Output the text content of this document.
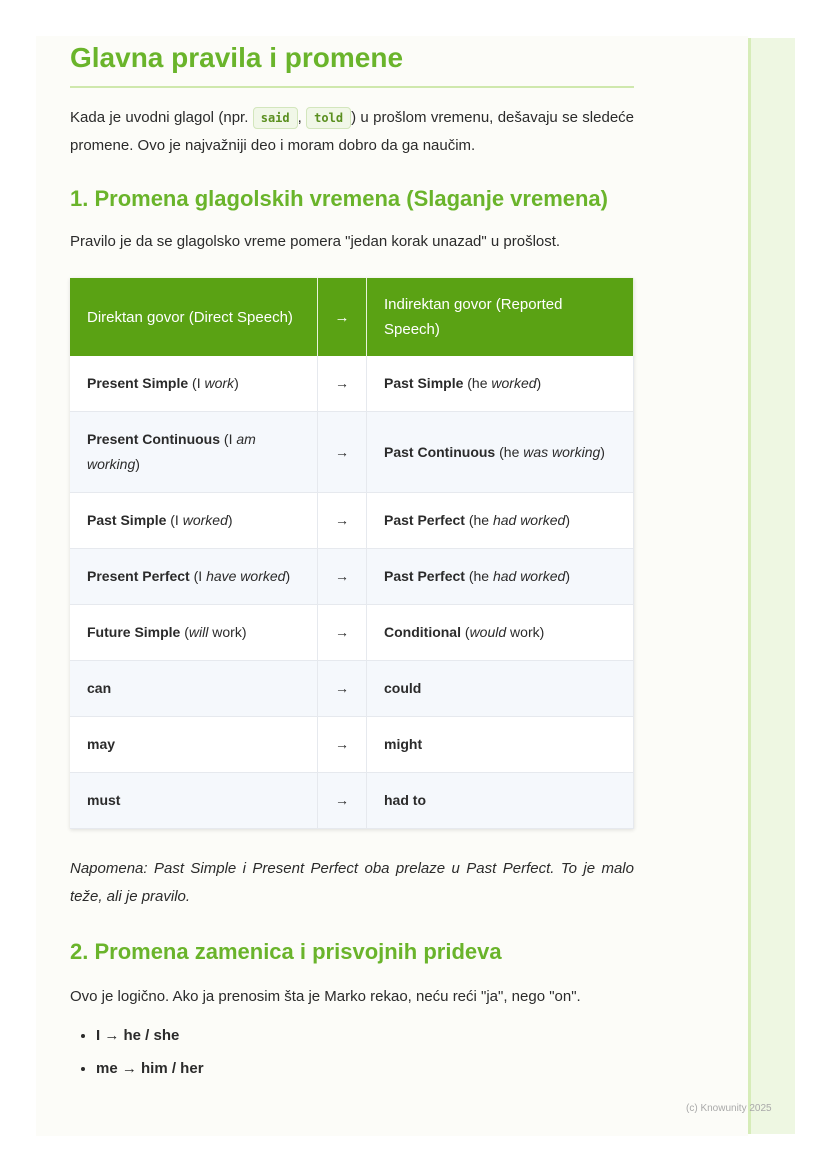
Glavna pravila i promene

Kada je uvodni glagol (npr. said , told ) u prošlom vremenu, dešavaju se sledeće promene. Ovo je najvažniji deo i moram dobro da ga naučim.

1. Promena glagolskih vremena (Slaganje vremena)

Pravilo je da se glagolsko vreme pomera "jedan korak unazad" u prošlost.

Direktan govor (Direct Speech)	→	Indirektan govor (Reported Speech)
Present Simple (I work)	→	Past Simple (he worked)
Present Continuous (I am working)	→	Past Continuous (he was working)
Past Simple (I worked)	→	Past Perfect (he had worked)
Present Perfect (I have worked)	→	Past Perfect (he had worked)
Future Simple (will work)	→	Conditional (would work)
can	→	could
may	→	might
must	→	had to

Napomena: Past Simple i Present Perfect oba prelaze u Past Perfect. To je malo teže, ali je pravilo.

2. Promena zamenica i prisvojnih prideva

Ovo je logično. Ako ja prenosim šta je Marko rekao, neću reći "ja", nego "on".

• I → he / she
• me → him / her
(c) Knowunity 2025
